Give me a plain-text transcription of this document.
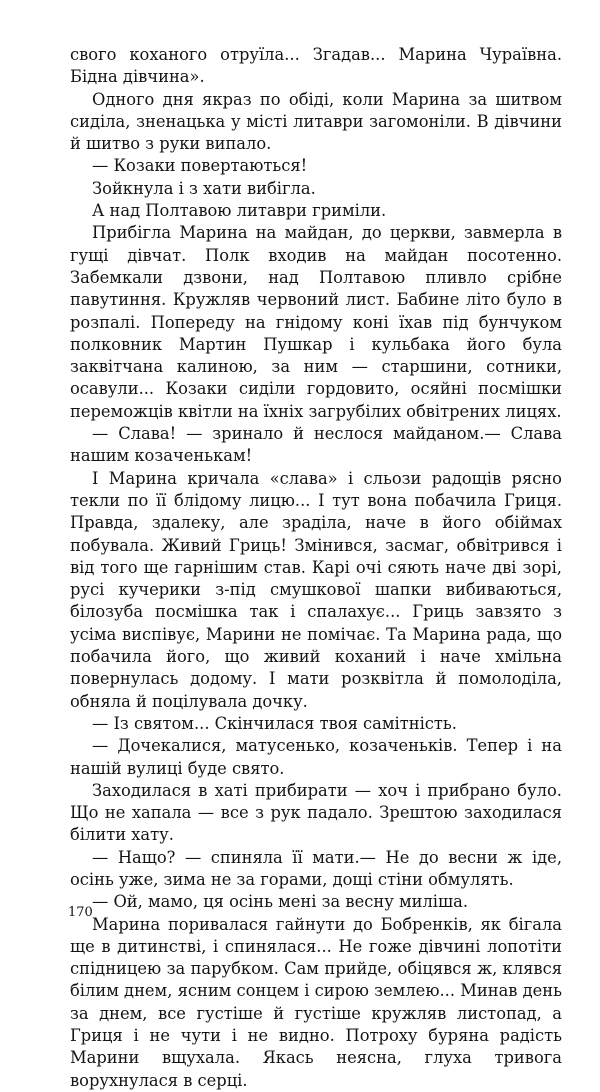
свого коханого отруїла... Згадав... Марина Чураївна. Бідна дівчина».

Одного дня якраз по обіді, коли Марина за шитвом сиділа, зненацька у місті литаври загомоніли. В дівчини й шитво з руки випало.

— Козаки повертаються!

Зойкнула і з хати вибігла.

А над Полтавою литаври гриміли.

Прибігла Марина на майдан, до церкви, завмерла в гущі дівчат. Полк входив на майдан посотенно. Забемкали дзвони, над Полтавою пливло срібне павутиння. Кружляв червоний лист. Бабине літо було в розпалі. Попереду на гнідому коні їхав під бунчуком полковник Мартин Пушкар і кульбака його була заквітчана калиною, за ним — старшини, сотники, осавули... Козаки сиділи гордовито, осяйні посмішки переможців квітли на їхніх загрубілих обвітрених лицях.

— Слава! — зринало й неслося майданом.— Слава нашим козаченькам!

І Марина кричала «слава» і сльози радощів рясно текли по її блідому лицю... І тут вона побачила Гриця. Правда, здалеку, але зраділа, наче в його обіймах побувала. Живий Гриць! Змінився, засмаг, обвітрився і від того ще гарнішим став. Карі очі сяють наче дві зорі, русі кучерики з-під смушкової шапки вибиваються, білозуба посмішка так і спалахує... Гриць завзято з усіма виспівує, Марини не помічає. Та Марина рада, що побачила його, що живий коханий і наче хмільна повернулась додому. І мати розквітла й помолоділа, обняла й поцілувала дочку.

— Із святом... Скінчилася твоя самітність.

— Дочекалися, матусенько, козаченьків. Тепер і на нашій вулиці буде свято.

Заходилася в хаті прибирати — хоч і прибрано було. Що не хапала — все з рук падало. Зрештою заходилася білити хату.

— Нащо? — спиняла її мати.— Не до весни ж іде, осінь уже, зима не за горами, дощі стіни обмулять.

— Ой, мамо, ця осінь мені за весну миліша.

Марина поривалася гайнути до Бобренків, як бігала ще в дитинстві, і спинялася... Не гоже дівчині лопотіти спідницею за парубком. Сам прийде, обіцявся ж, клявся білим днем, ясним сонцем і сирою землею... Минав день за днем, все густіше й густіше кружляв листопад, а Гриця і не чути і не видно. Потроху буряна радість Марини вщухала. Якась неясна, глуха тривога ворухнулася в серці.

170
